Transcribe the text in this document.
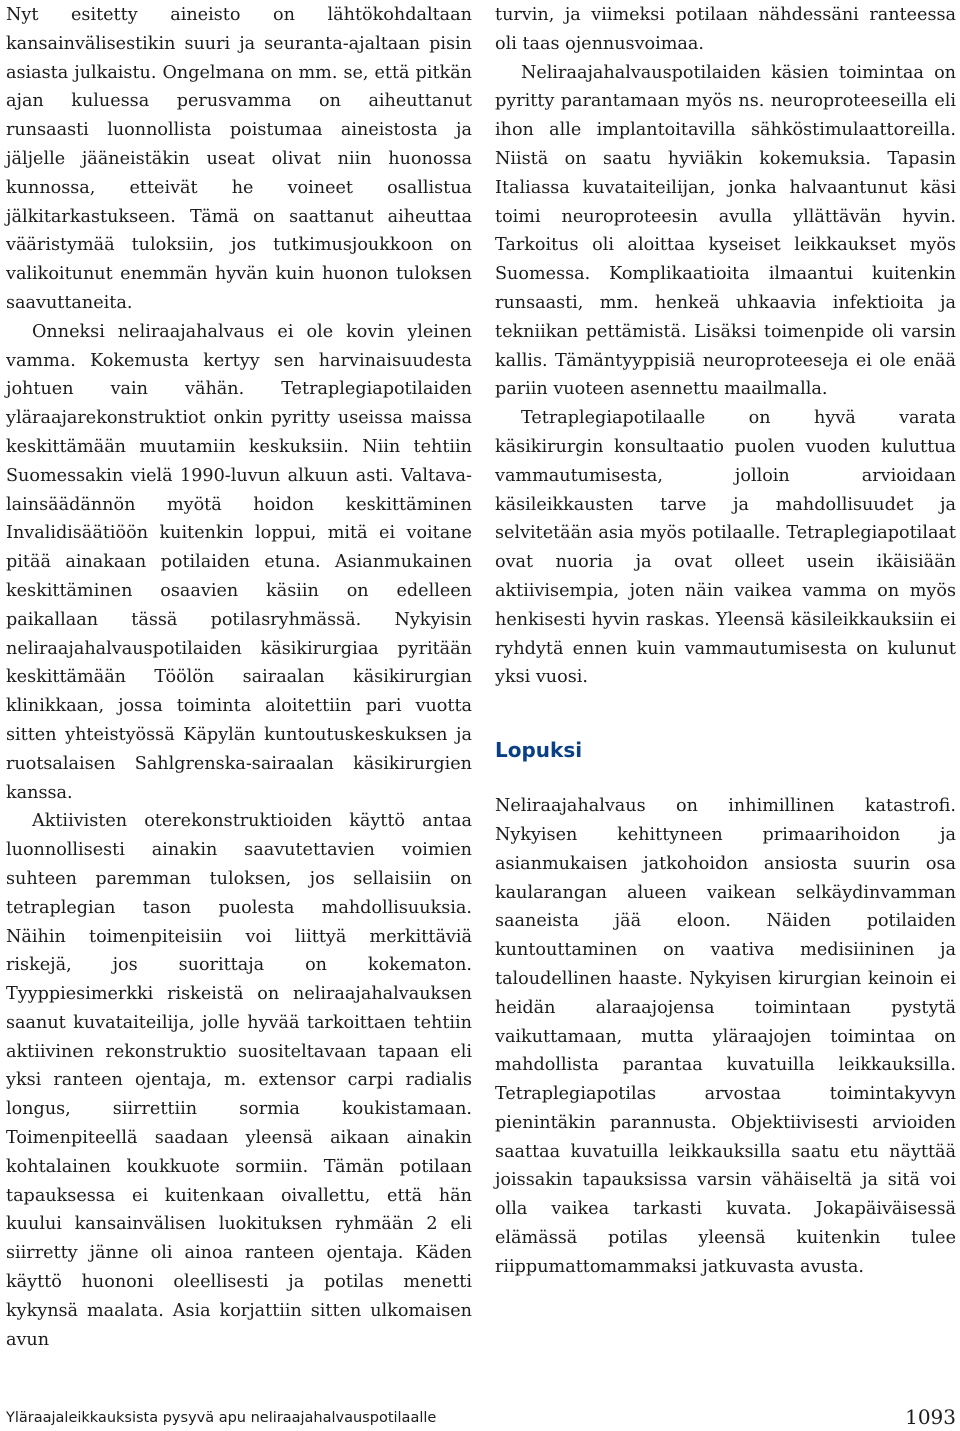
Nyt esitetty aineisto on lähtökohdaltaan kansainvälisestikin suuri ja seuranta-ajaltaan pisin asiasta julkaistu. Ongelmana on mm. se, että pitkän ajan kuluessa perusvamma on aiheuttanut runsaasti luonnollista poistumaa aineistosta ja jäljelle jääneistäkin useat olivat niin huonossa kunnossa, etteivät he voineet osallistua jälkitarkastukseen. Tämä on saattanut aiheuttaa vääristymää tuloksiin, jos tutkimusjoukkoon on valikoitunut enemmän hyvän kuin huonon tuloksen saavuttaneita.

Onneksi neliraajahalvaus ei ole kovin yleinen vamma. Kokemusta kertyy sen harvinaisuudesta johtuen vain vähän. Tetraplegiapotilaiden yläraajarekonstruktiot onkin pyritty useissa maissa keskittämään muutamiin keskuksiin. Niin tehtiin Suomessakin vielä 1990-luvun alkuun asti. Valtava-lainsäädännön myötä hoidon keskittäminen Invalidisäätiöön kuitenkin loppui, mitä ei voitane pitää ainakaan potilaiden etuna. Asianmukainen keskittäminen osaavien käsiin on edelleen paikallaan tässä potilasryhmässä. Nykyisin neliraajahalvauspotilaiden käsikirurgiaa pyritään keskittämään Töölön sairaalan käsikirurgian klinikkaan, jossa toiminta aloitettiin pari vuotta sitten yhteistyössä Käpylän kuntoutuskeskuksen ja ruotsalaisen Sahlgrenska-sairaalan käsikirurgien kanssa.

Aktiivisten oterekonstruktioiden käyttö antaa luonnollisesti ainakin saavutettavien voimien suhteen paremman tuloksen, jos sellaisiin on tetraplegian tason puolesta mahdollisuuksia. Näihin toimenpiteisiin voi liittyä merkittäviä riskejä, jos suorittaja on kokematon. Tyyppiesimerkki riskeistä on neliraajahalvauksen saanut kuvataiteilija, jolle hyvää tarkoittaen tehtiin aktiivinen rekonstruktio suositeltavaan tapaan eli yksi ranteen ojentaja, m. extensor carpi radialis longus, siirrettiin sormia koukistamaan. Toimenpiteellä saadaan yleensä aikaan ainakin kohtalainen koukkuote sormiin. Tämän potilaan tapauksessa ei kuitenkaan oivallettu, että hän kuului kansainvälisen luokituksen ryhmään 2 eli siirretty jänne oli ainoa ranteen ojentaja. Käden käyttö huononi oleellisesti ja potilas menetti kykynsä maalata. Asia korjattiin sitten ulkomaisen avun

turvin, ja viimeksi potilaan nähdessäni ranteessa oli taas ojennusvoimaa.

Neliraajahalvauspotilaiden käsien toimintaa on pyritty parantamaan myös ns. neuroproteeseilla eli ihon alle implantoitavilla sähköstimulaattoreilla. Niistä on saatu hyviäkin kokemuksia. Tapasin Italiassa kuvataiteilijan, jonka halvaantunut käsi toimi neuroproteesin avulla yllättävän hyvin. Tarkoitus oli aloittaa kyseiset leikkaukset myös Suomessa. Komplikaatioita ilmaantui kuitenkin runsaasti, mm. henkeä uhkaavia infektioita ja tekniikan pettämistä. Lisäksi toimenpide oli varsin kallis. Tämäntyyppisiä neuroproteeseja ei ole enää pariin vuoteen asennettu maailmalla.

Tetraplegiapotilaalle on hyvä varata käsikirurgin konsultaatio puolen vuoden kuluttua vammautumisesta, jolloin arvioidaan käsileikkausten tarve ja mahdollisuudet ja selvitetään asia myös potilaalle. Tetraplegiapotilaat ovat nuoria ja ovat olleet usein ikäisiään aktiivisempia, joten näin vaikea vamma on myös henkisesti hyvin raskas. Yleensä käsileikkauksiin ei ryhdytä ennen kuin vammautumisesta on kulunut yksi vuosi.

Lopuksi

Neliraajahalvaus on inhimillinen katastrofi. Nykyisen kehittyneen primaarihoidon ja asianmukaisen jatkohoidon ansiosta suurin osa kaularangan alueen vaikean selkäydinvamman saaneista jää eloon. Näiden potilaiden kuntouttaminen on vaativa medisiininen ja taloudellinen haaste. Nykyisen kirurgian keinoin ei heidän alaraajojensa toimintaan pystytä vaikuttamaan, mutta yläraajojen toimintaa on mahdollista parantaa kuvatuilla leikkauksilla. Tetraplegiapotilas arvostaa toimintakyvyn pienintäkin parannusta. Objektiivisesti arvioiden saattaa kuvatuilla leikkauksilla saatu etu näyttää joissakin tapauksissa varsin vähäiseltä ja sitä voi olla vaikea tarkasti kuvata. Jokapäiväisessä elämässä potilas yleensä kuitenkin tulee riippumattomammaksi jatkuvasta avusta.

Yläraajaleikkauksista pysyvä apu neliraajahalvauspotilaalle	1093
